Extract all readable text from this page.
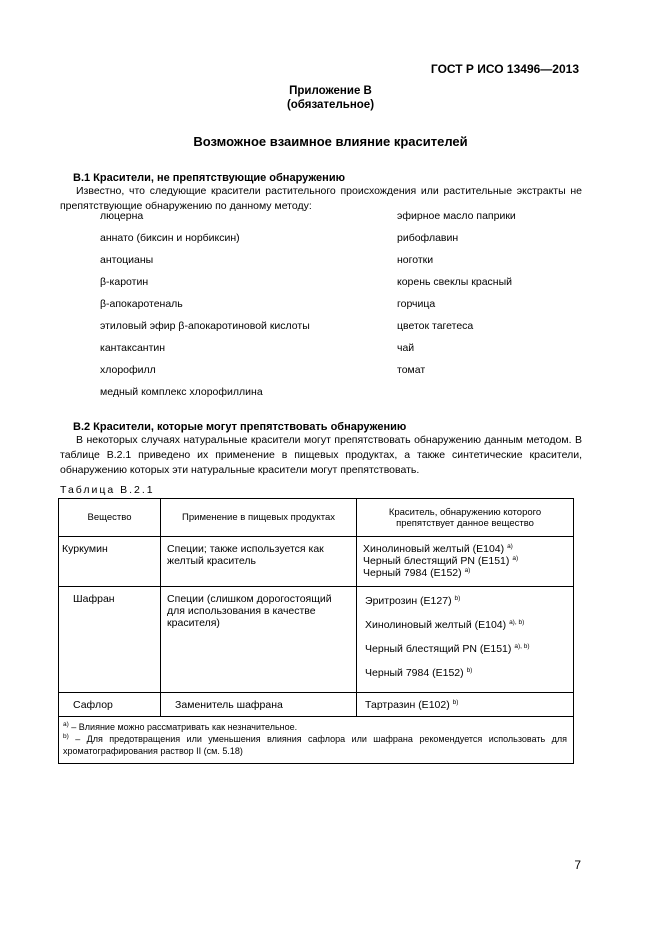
ГОСТ Р ИСО 13496—2013
Приложение В
(обязательное)
Возможное взаимное влияние красителей
В.1 Красители, не препятствующие обнаружению
Известно, что следующие красители растительного происхождения или растительные экстракты не препятствующие обнаружению по данному методу:
люцерна
аннато (биксин и норбиксин)
антоцианы
β-каротин
β-апокаротеналь
этиловый эфир β-апокаротиновой кислоты
кантаксантин
хлорофилл
медный комплекс хлорофиллина
эфирное масло паприки
рибофлавин
ноготки
корень свеклы красный
горчица
цветок тагетеса
чай
томат
В.2 Красители, которые могут препятствовать обнаружению
В некоторых случаях натуральные красители могут препятствовать обнаружению данным методом. В таблице В.2.1 приведено их применение в пищевых продуктах, а также синтетические красители, обнаружению которых эти натуральные красители могут препятствовать.
Таблица В.2.1
Вещество	Применение в пищевых продуктах	Краситель, обнаружению которого препятствует данное вещество

Куркумин	Специи; также используется как желтый краситель	Хинолиновый желтый (Е104) $^{a)}$
Черный блестящий PN (Е151) $^{a)}$
Черный 7984 (Е152) $^{a)}$

Шафран	Специи (слишком дорогостоящий для использования в качестве красителя)	Эритрозин (Е127) $^{b)}$
Хинолиновый желтый (Е104) $^{a), b)}$
Черный блестящий PN (Е151) $^{a), b)}$
Черный 7984 (Е152) $^{b)}$

Сафлор	Заменитель шафрана	Тартразин (Е102) $^{b)}$

$^{a)}$ – Влияние можно рассматривать как незначительное.
$^{b)}$ – Для предотвращения или уменьшения влияния сафлора или шафрана рекомендуется использовать для хроматографирования раствор II (см. 5.18)		
7
